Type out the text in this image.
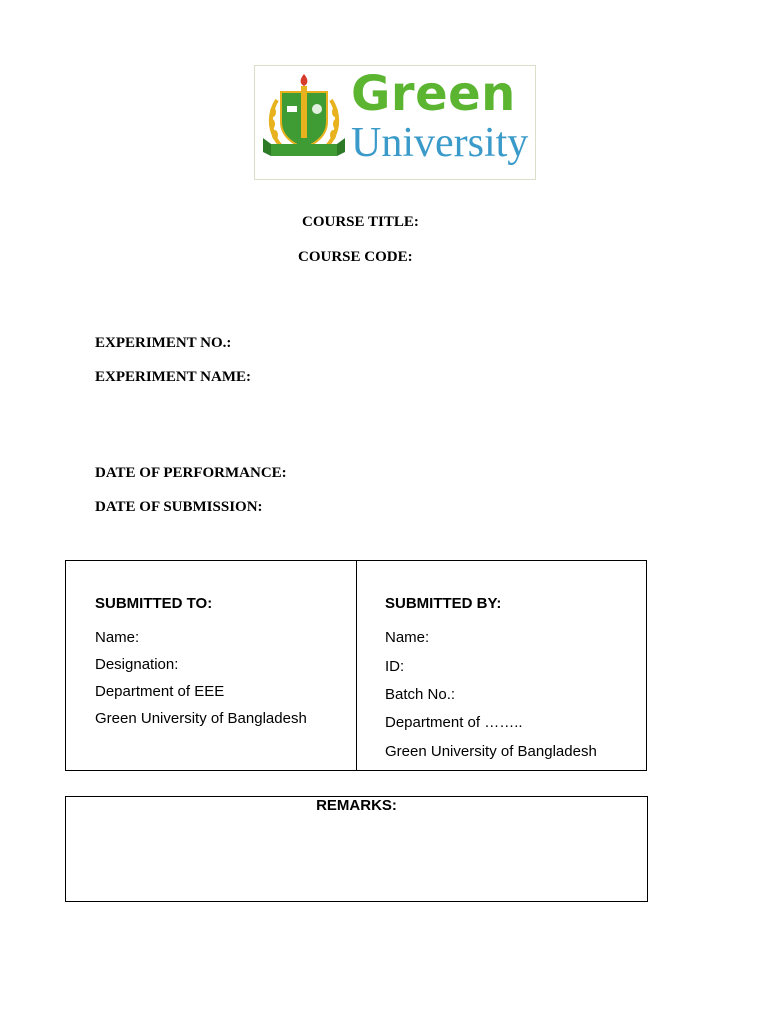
Green
University
COURSE TITLE:
COURSE CODE:
EXPERIMENT NO.:
EXPERIMENT NAME:
DATE OF PERFORMANCE:
DATE OF SUBMISSION:
SUBMITTED TO:
Name:
Designation:
Department of EEE
Green University of Bangladesh
SUBMITTED BY:
Name:
ID:
Batch No.:
Department of ……..
Green University of Bangladesh
REMARKS:
